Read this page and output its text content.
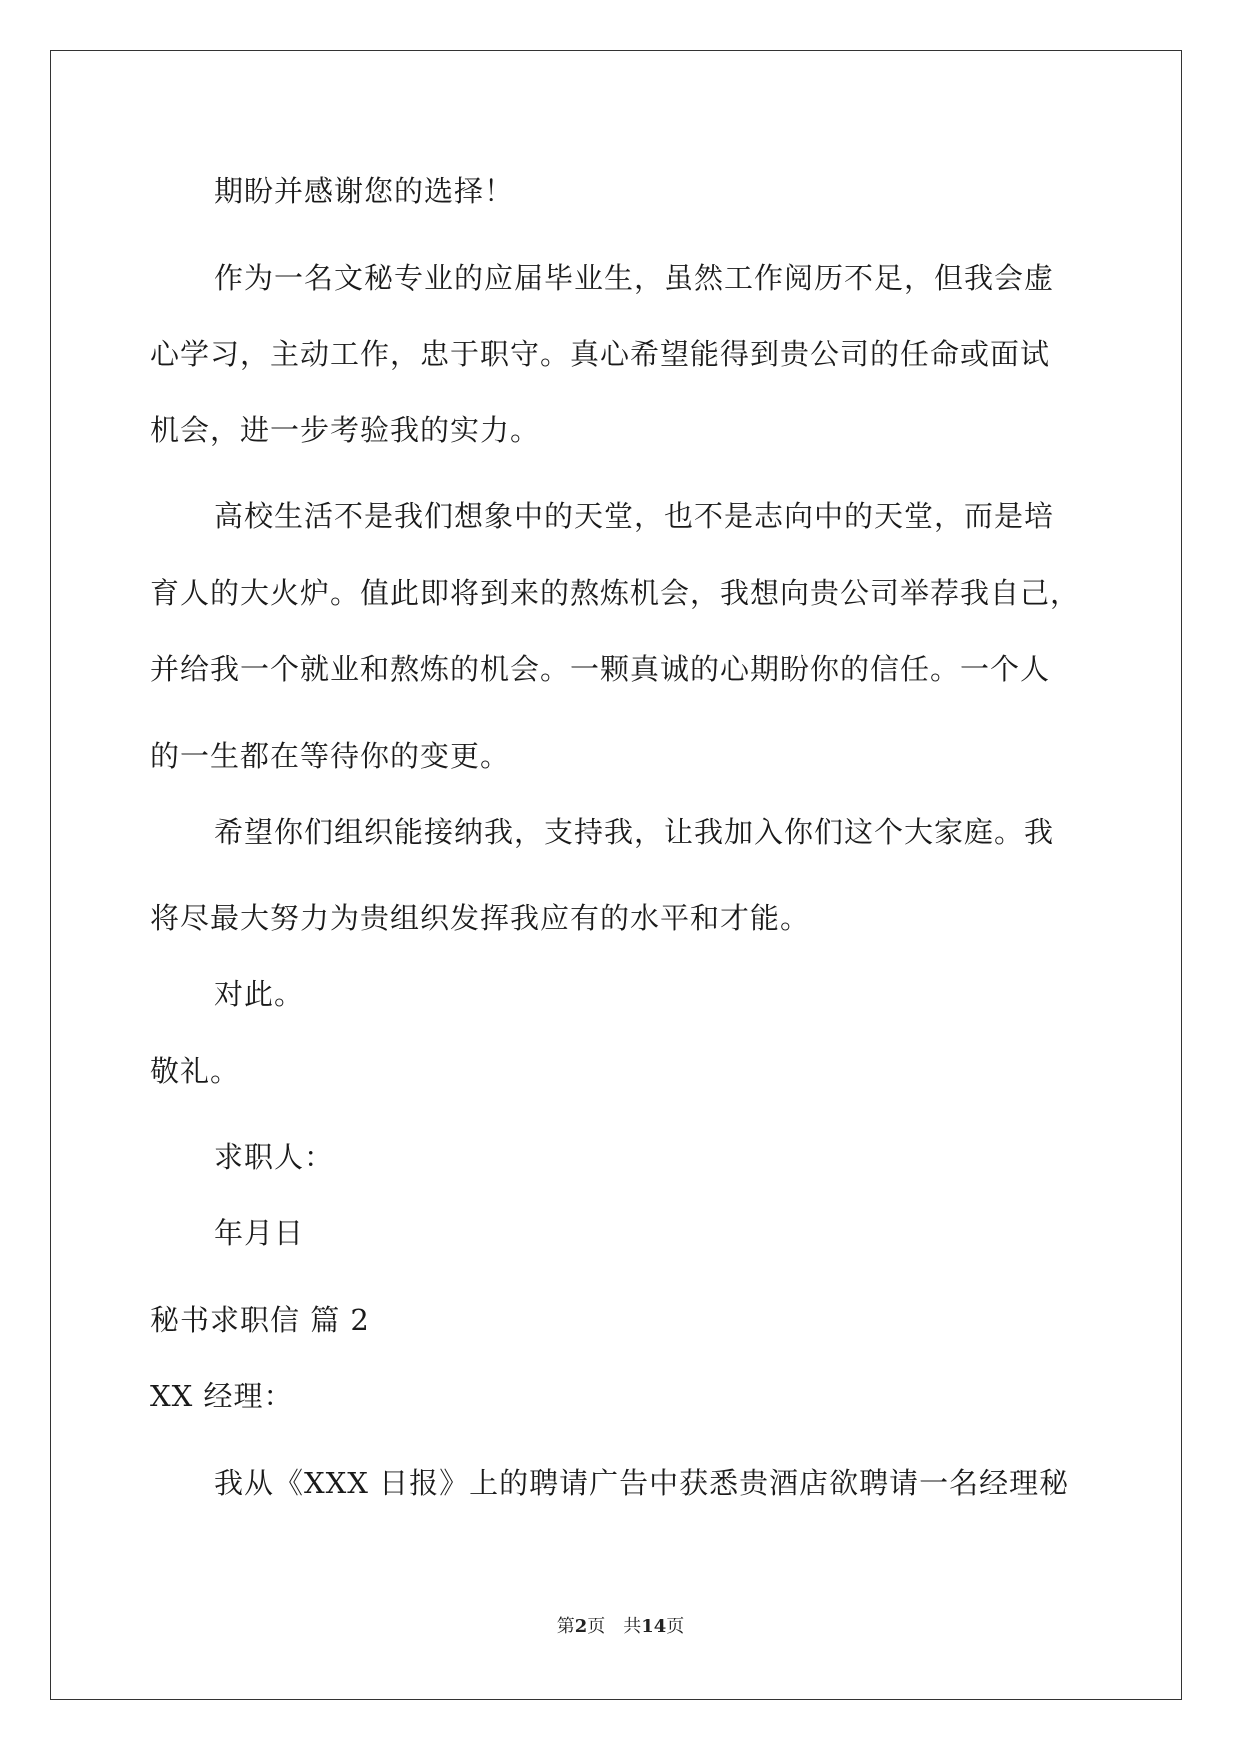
期盼并感谢您的选择！
作为一名文秘专业的应届毕业生，虽然工作阅历不足，但我会虚
心学习，主动工作，忠于职守。真心希望能得到贵公司的任命或面试
机会，进一步考验我的实力。
高校生活不是我们想象中的天堂，也不是志向中的天堂，而是培
育人的大火炉。值此即将到来的熬炼机会，我想向贵公司举荐我自己，
并给我一个就业和熬炼的机会。一颗真诚的心期盼你的信任。一个人
的一生都在等待你的变更。
希望你们组织能接纳我，支持我，让我加入你们这个大家庭。我
将尽最大努力为贵组织发挥我应有的水平和才能。
对此。
敬礼。
求职人：
年月日
秘书求职信 篇 2
XX 经理：
我从《XXX 日报》上的聘请广告中获悉贵酒店欲聘请一名经理秘
第2页　共14页
